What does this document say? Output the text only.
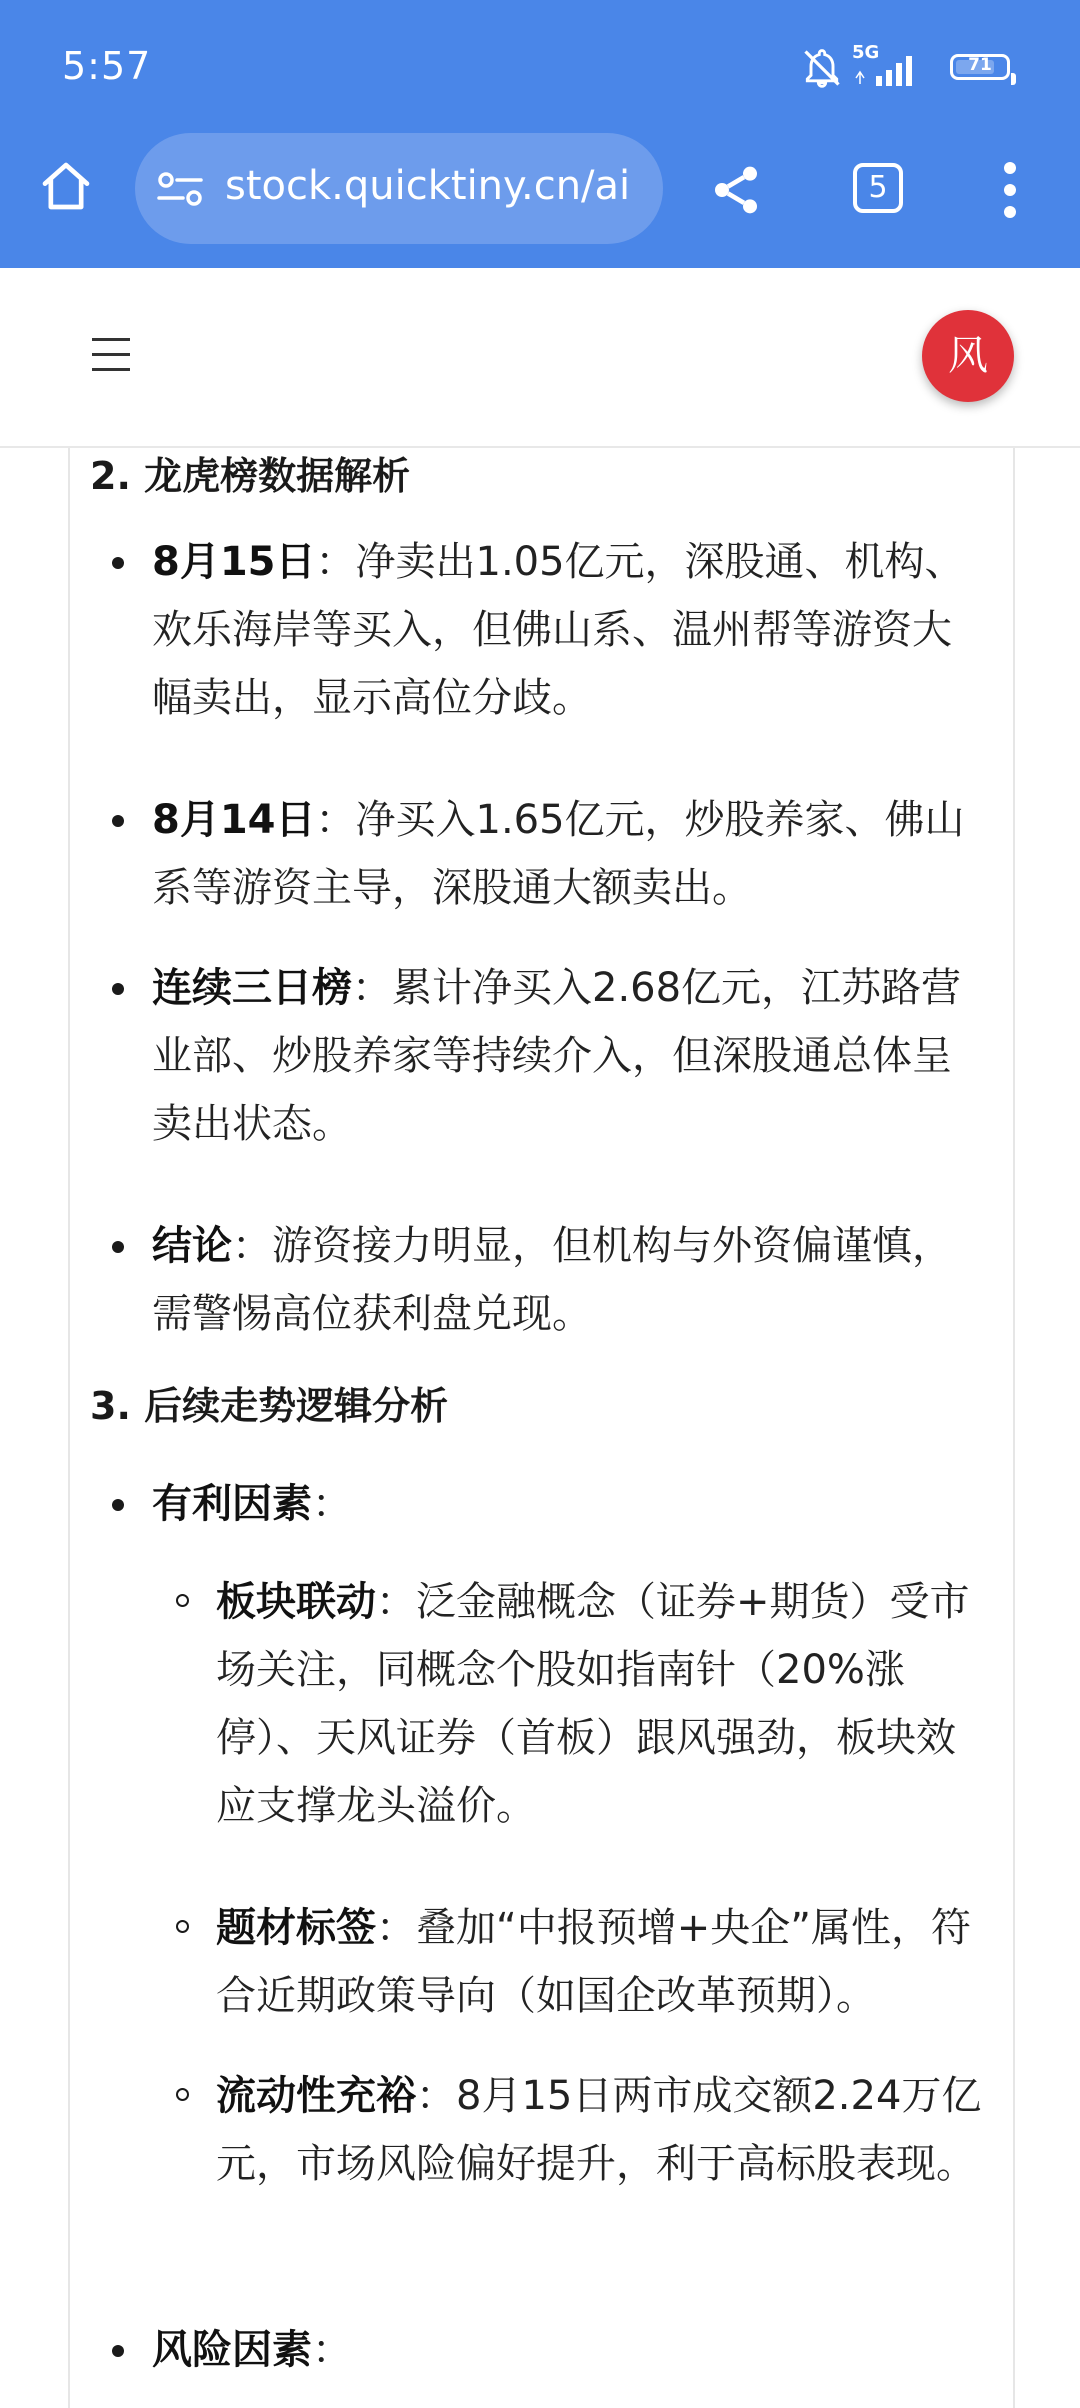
5:57	5G
71
stock.quicktiny.cn/ai	5
风
2. 龙虎榜数据解析
8月15日：净卖出1.05亿元，深股通、机构、欢乐海岸等买入，但佛山系、温州帮等游资大幅卖出，显示高位分歧。
8月14日：净买入1.65亿元，炒股养家、佛山系等游资主导，深股通大额卖出。
连续三日榜：累计净买入2.68亿元，江苏路营业部、炒股养家等持续介入，但深股通总体呈卖出状态。
结论：游资接力明显，但机构与外资偏谨慎，需警惕高位获利盘兑现。
3. 后续走势逻辑分析
有利因素：
板块联动：泛金融概念（证券+期货）受市场关注，同概念个股如指南针（20%涨停）、天风证券（首板）跟风强劲，板块效应支撑龙头溢价。
题材标签：叠加“中报预增+央企”属性，符合近期政策导向（如国企改革预期）。
流动性充裕：8月15日两市成交额2.24万亿元，市场风险偏好提升，利于高标股表现。
风险因素：
